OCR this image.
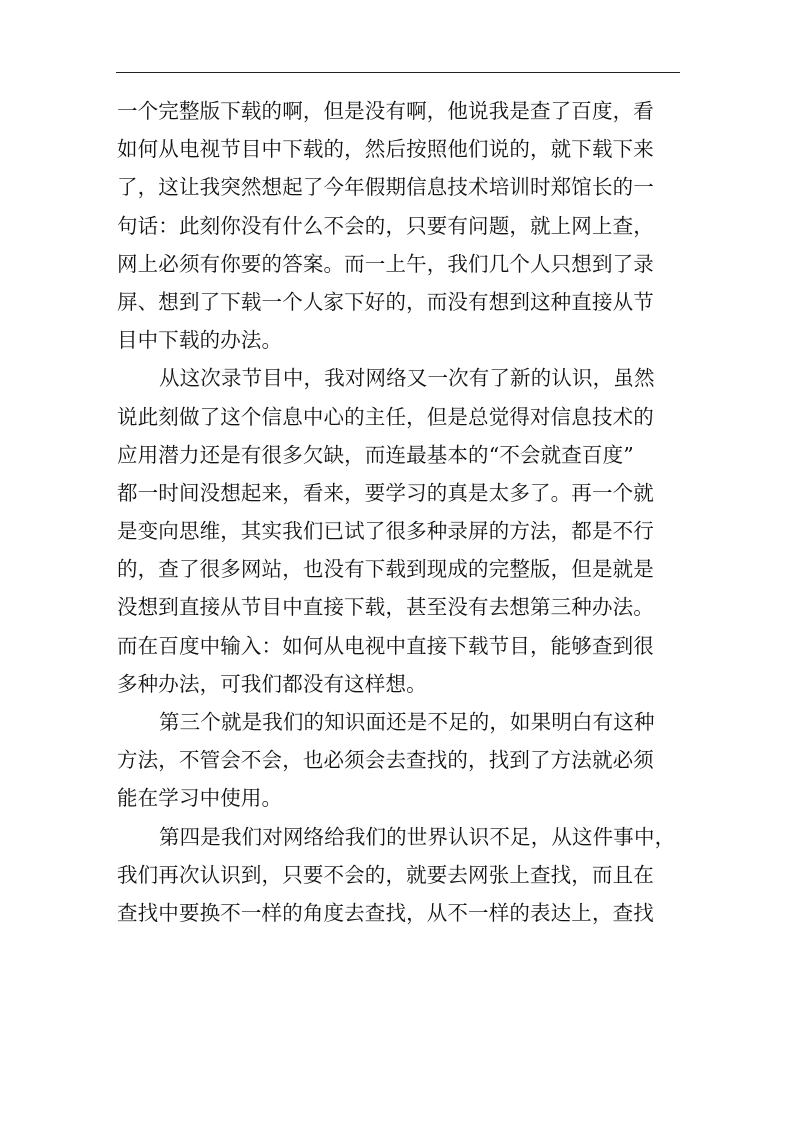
一个完整版下载的啊，但是没有啊，他说我是查了百度，看
如何从电视节目中下载的，然后按照他们说的，就下载下来
了，这让我突然想起了今年假期信息技术培训时郑馆长的一
句话：此刻你没有什么不会的，只要有问题，就上网上查，
网上必须有你要的答案。而一上午，我们几个人只想到了录
屏、想到了下载一个人家下好的，而没有想到这种直接从节
目中下载的办法。
从这次录节目中，我对网络又一次有了新的认识，虽然
说此刻做了这个信息中心的主任，但是总觉得对信息技术的
应用潜力还是有很多欠缺，而连最基本的“不会就查百度”
都一时间没想起来，看来，要学习的真是太多了。再一个就
是变向思维，其实我们已试了很多种录屏的方法，都是不行
的，查了很多网站，也没有下载到现成的完整版，但是就是
没想到直接从节目中直接下载，甚至没有去想第三种办法。
而在百度中输入：如何从电视中直接下载节目，能够查到很
多种办法，可我们都没有这样想。
第三个就是我们的知识面还是不足的，如果明白有这种
方法，不管会不会，也必须会去查找的，找到了方法就必须
能在学习中使用。
第四是我们对网络给我们的世界认识不足，从这件事中，
我们再次认识到，只要不会的，就要去网张上查找，而且在
查找中要换不一样的角度去查找，从不一样的表达上，查找
